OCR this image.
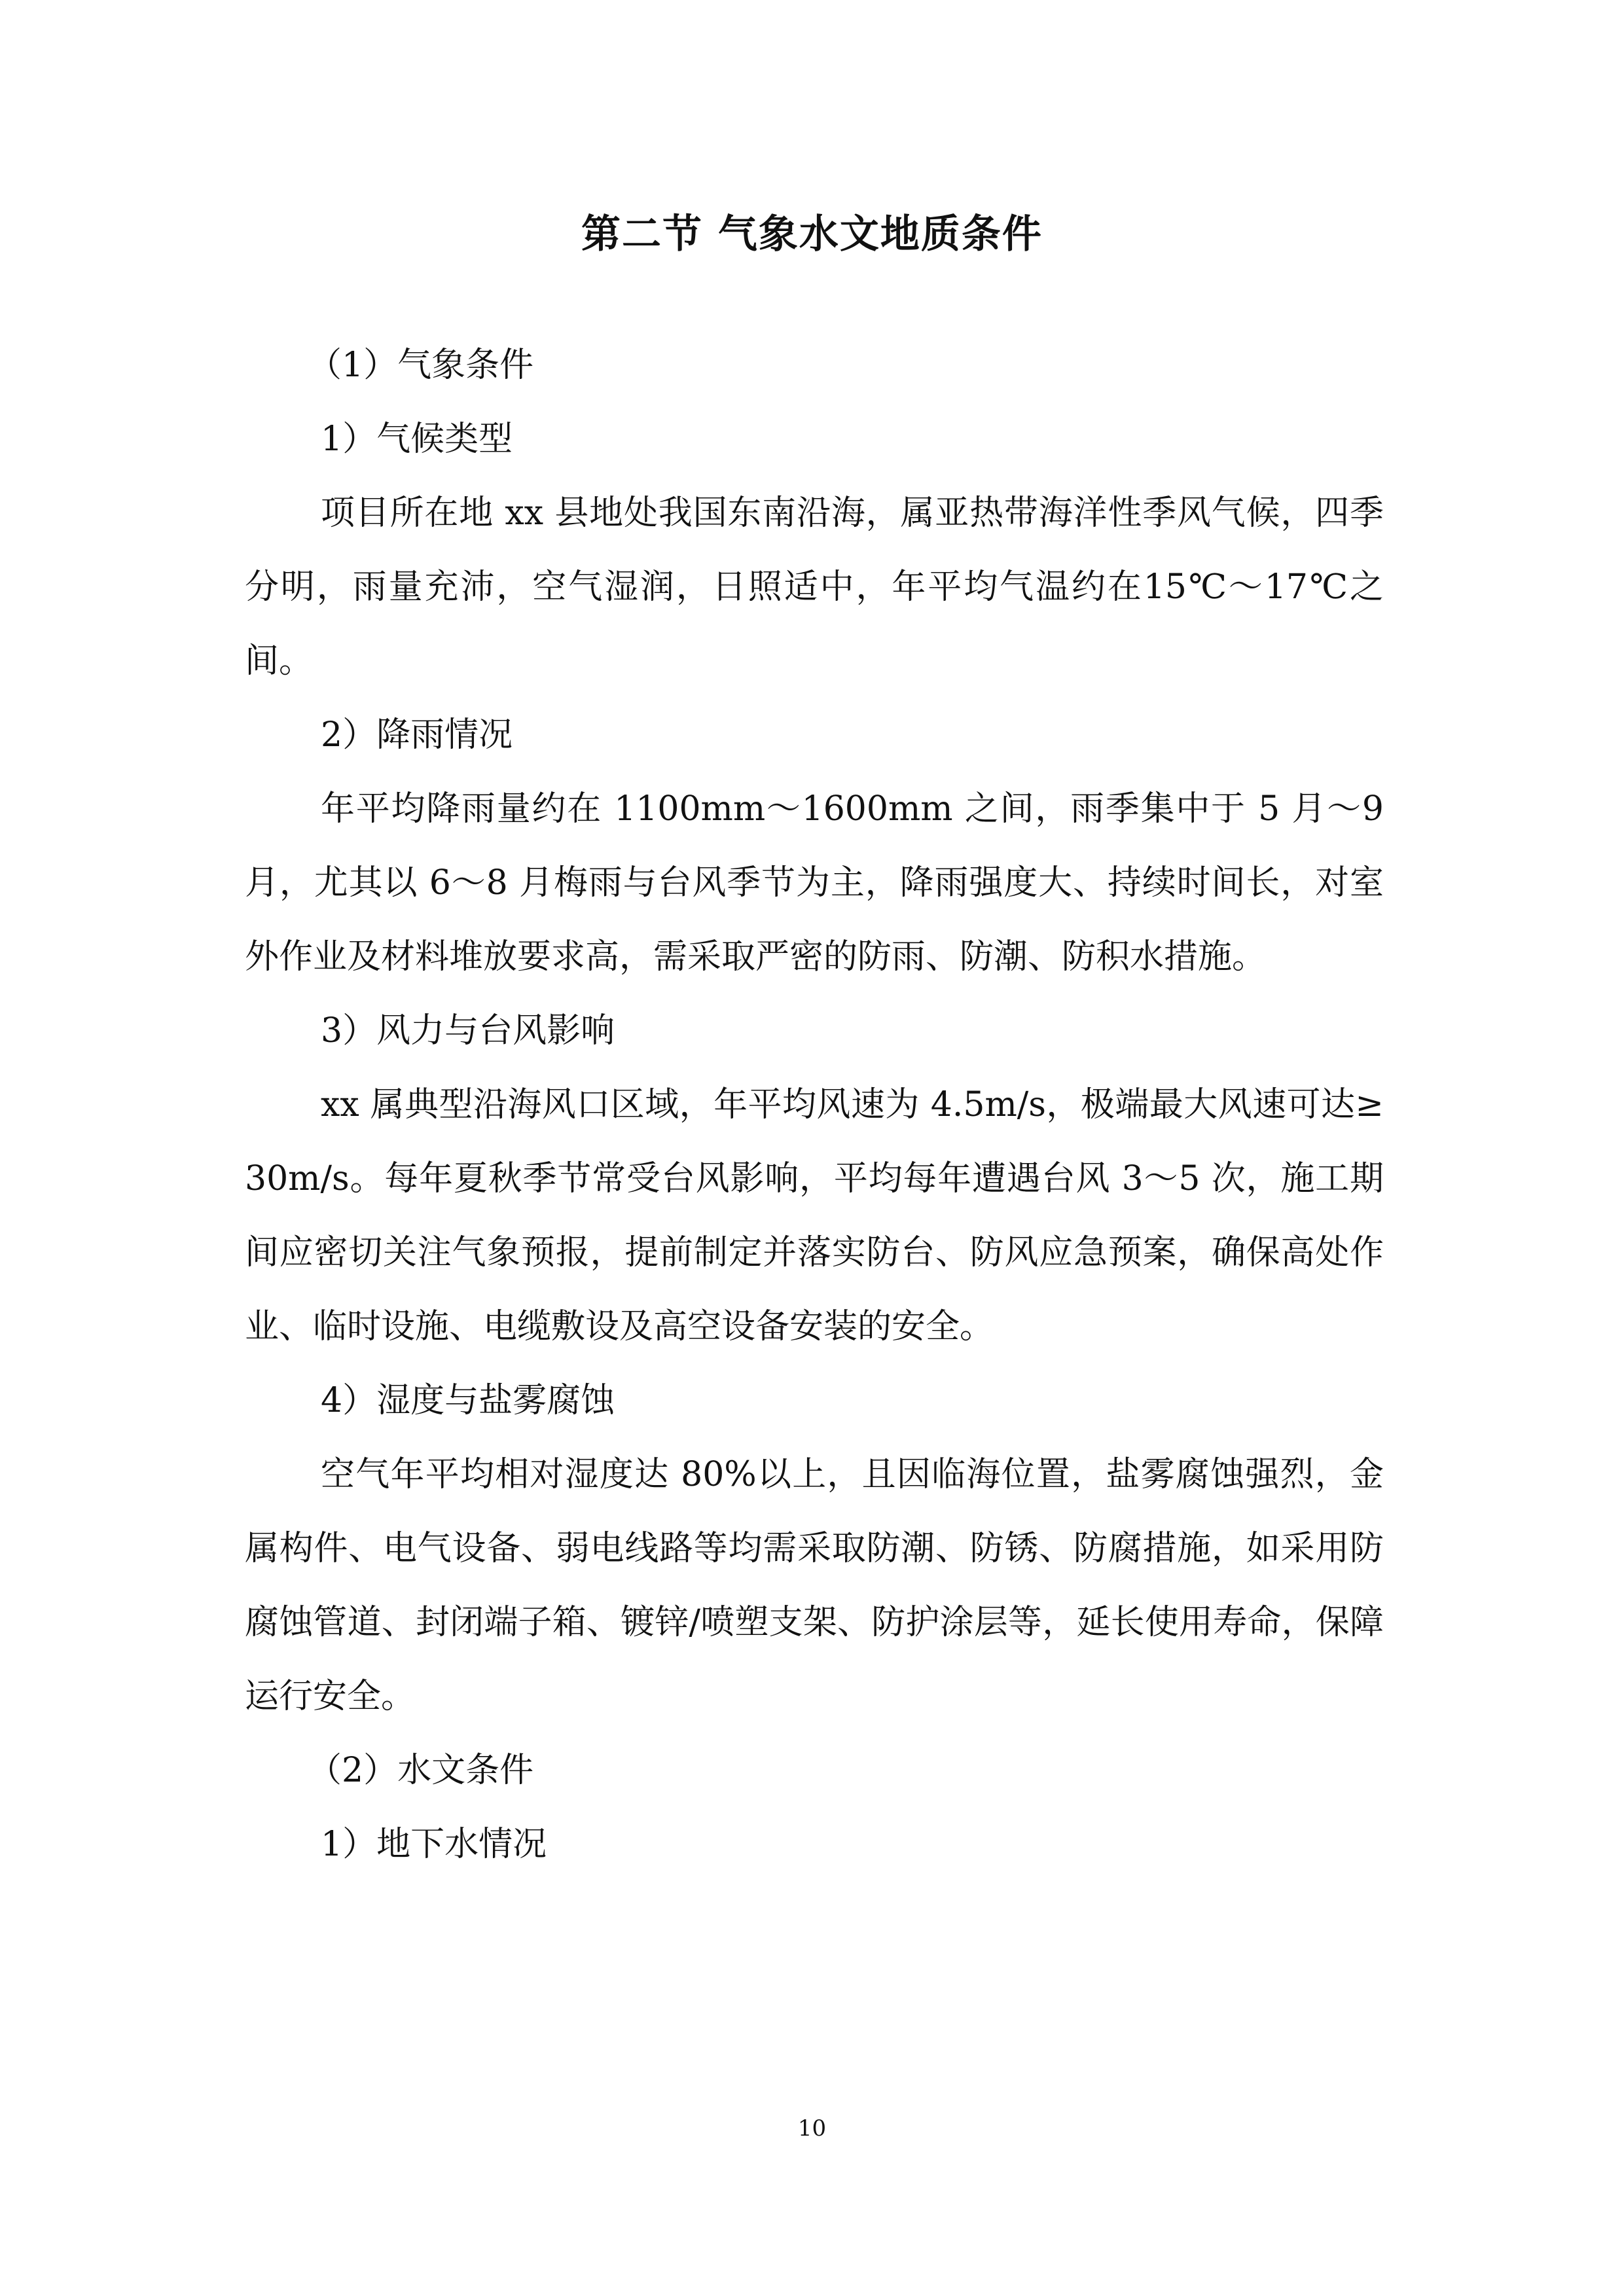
第二节 气象水文地质条件

（1）气象条件

1）气候类型

项目所在地 xx 县地处我国东南沿海，属亚热带海洋性季风气候，四季分明，雨量充沛，空气湿润，日照适中，年平均气温约在15℃～17℃之间。

2）降雨情况

年平均降雨量约在 1100mm～1600mm 之间，雨季集中于 5 月～9 月，尤其以 6～8 月梅雨与台风季节为主，降雨强度大、持续时间长，对室外作业及材料堆放要求高，需采取严密的防雨、防潮、防积水措施。

3）风力与台风影响

xx 属典型沿海风口区域，年平均风速为 4.5m/s，极端最大风速可达≥30m/s。每年夏秋季节常受台风影响，平均每年遭遇台风 3～5 次，施工期间应密切关注气象预报，提前制定并落实防台、防风应急预案，确保高处作业、临时设施、电缆敷设及高空设备安装的安全。

4）湿度与盐雾腐蚀

空气年平均相对湿度达 80%以上，且因临海位置，盐雾腐蚀强烈，金属构件、电气设备、弱电线路等均需采取防潮、防锈、防腐措施，如采用防腐蚀管道、封闭端子箱、镀锌/喷塑支架、防护涂层等，延长使用寿命，保障运行安全。

（2）水文条件

1）地下水情况

10
